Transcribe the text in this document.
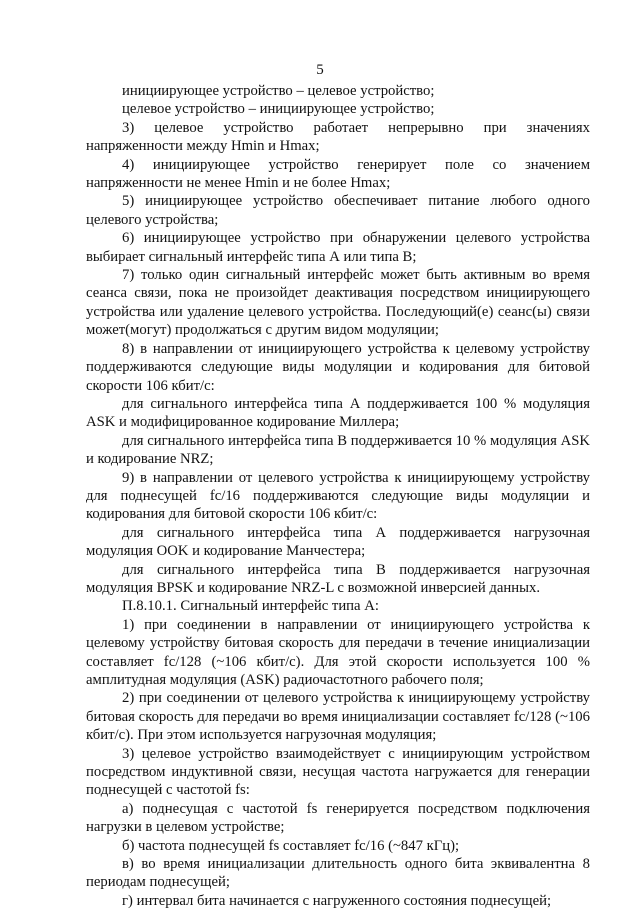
5

инициирующее устройство – целевое устройство;

целевое устройство – инициирующее устройство;

3) целевое устройство работает непрерывно при значениях напряженности между Hmin и Hmax;

4) инициирующее устройство генерирует поле со значением напряженности не менее Hmin и не более Hmax;

5) инициирующее устройство обеспечивает питание любого одного целевого устройства;

6) инициирующее устройство при обнаружении целевого устройства выбирает сигнальный интерфейс типа А или типа В;

7) только один сигнальный интерфейс может быть активным во время сеанса связи, пока не произойдет деактивация посредством инициирующего устройства или удаление целевого устройства. Последующий(е) сеанс(ы) связи может(могут) продолжаться с другим видом модуляции;

8) в направлении от инициирующего устройства к целевому устройству поддерживаются следующие виды модуляции и кодирования для битовой скорости 106 кбит/с:

для сигнального интерфейса типа А поддерживается 100 % модуляция ASK и модифицированное кодирование Миллера;

для сигнального интерфейса типа В поддерживается 10 % модуляция ASK и кодирование NRZ;

9) в направлении от целевого устройства к инициирующему устройству для поднесущей fc/16 поддерживаются следующие виды модуляции и кодирования для битовой скорости 106 кбит/с:

для сигнального интерфейса типа А поддерживается нагрузочная модуляция OOK и кодирование Манчестера;

для сигнального интерфейса типа В поддерживается нагрузочная модуляция BPSK и кодирование NRZ-L с возможной инверсией данных.

П.8.10.1. Сигнальный интерфейс типа А:

1) при соединении в направлении от инициирующего устройства к целевому устройству битовая скорость для передачи в течение инициализации составляет fc/128 (~106 кбит/с). Для этой скорости используется 100 % амплитудная модуляция (ASK) радиочастотного рабочего поля;

2) при соединении от целевого устройства к инициирующему устройству битовая скорость для передачи во время инициализации составляет fc/128 (~106 кбит/с). При этом используется нагрузочная модуляция;

3) целевое устройство взаимодействует с инициирующим устройством посредством индуктивной связи, несущая частота нагружается для генерации поднесущей с частотой fs:

а) поднесущая с частотой fs генерируется посредством подключения нагрузки в целевом устройстве;

б) частота поднесущей fs составляет fc/16 (~847 кГц);

в) во время инициализации длительность одного бита эквивалентна 8 периодам поднесущей;

г) интервал бита начинается с нагруженного состояния поднесущей;
